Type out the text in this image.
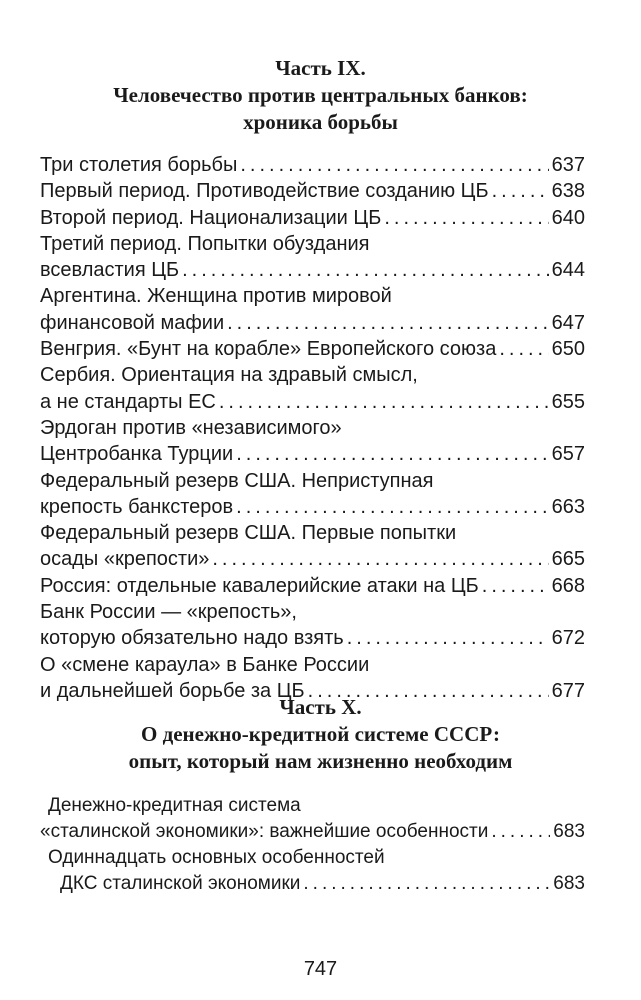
Часть IX.
Человечество против центральных банков:
хроника борьбы
Три столетия борьбы .....	637
Первый период. Противодействие созданию ЦБ .....	638
Второй период. Национализации ЦБ .....	640
Третий период. Попытки обуздания
всевластия ЦБ .....	644
Аргентина. Женщина против мировой
финансовой мафии .....	647
Венгрия. «Бунт на корабле» Европейского союза .....	650
Сербия. Ориентация на здравый смысл,
а не стандарты ЕС .....	655
Эрдоган против «независимого»
Центробанка Турции .....	657
Федеральный резерв США. Неприступная
крепость банкстеров .....	663
Федеральный резерв США. Первые попытки
осады «крепости» .....	665
Россия: отдельные кавалерийские атаки на ЦБ .....	668
Банк России — «крепость»,
которую обязательно надо взять .....	672
О «смене караула» в Банке России
и дальнейшей борьбе за ЦБ .....	677
Часть X.
О денежно-кредитной системе СССР:
опыт, который нам жизненно необходим
Денежно-кредитная система
«сталинской экономики»: важнейшие особенности .....	683
Одиннадцать основных особенностей
ДКС сталинской экономики .....	683
747
